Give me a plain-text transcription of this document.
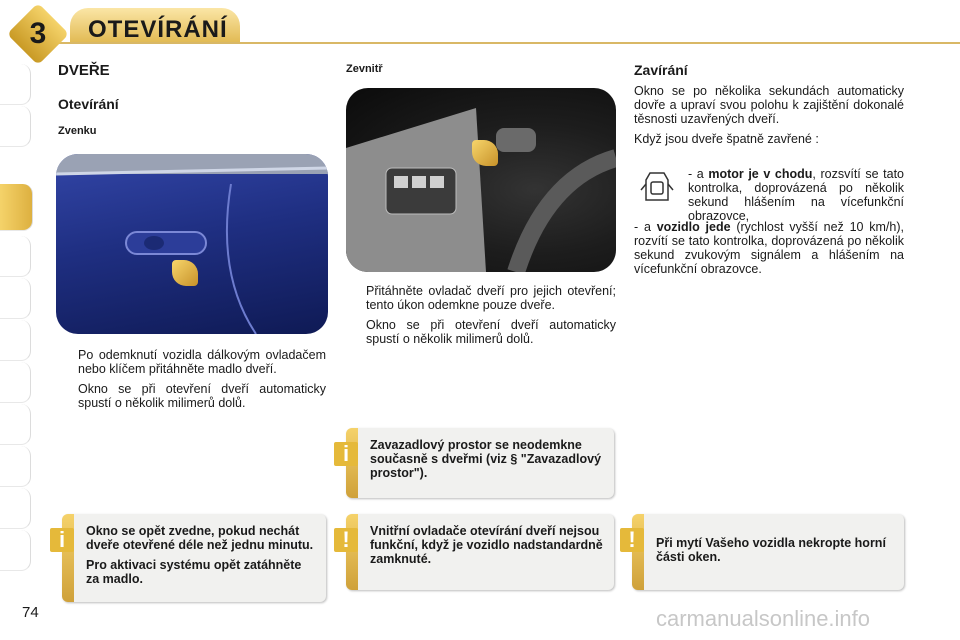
3	OTEVÍRÁNÍ
DVEŘE
Otevírání
Zvenku

Po odemknutí vozidla dálkovým ovladačem nebo klíčem přitáhněte madlo dveří.

Okno se při otevření dveří automaticky spustí o několik milimerů dolů.

Zevnitř

Přitáhněte ovladač dveří pro jejich otevření; tento úkon odemkne pouze dveře.

Okno se při otevření dveří automaticky spustí o několik milimerů dolů.

Zavírání

Okno se po několika sekundách automaticky dovře a upraví svou polohu k zajištění dokonalé těsnosti uzavřených dveří.

Když jsou dveře špatně zavřené :

- a motor je v chodu, rozsvítí se tato kontrolka, doprovázená po několik sekund hlášením na vícefunkční obrazovce,
- a vozidlo jede (rychlost vyšší než 10 km/h), rozvítí se tato kontrolka, doprovázená po několik sekund zvukovým signálem a hlášením na vícefunkční obrazovce.
i	Zavazadlový prostor se neodemkne současně s dveřmi (viz § "Zavazadlový prostor").
i	Okno se opět zvedne, pokud nechát dveře otevřené déle než jednu minutu.

Pro aktivaci systému opět zatáhněte za madlo.

!	Vnitřní ovladače otevírání dveří nejsou funkční, když je vozidlo nadstandardně zamknuté.
!	Při mytí Vašeho vozidla nekropte horní části oken.
74	carmanualsonline.info
